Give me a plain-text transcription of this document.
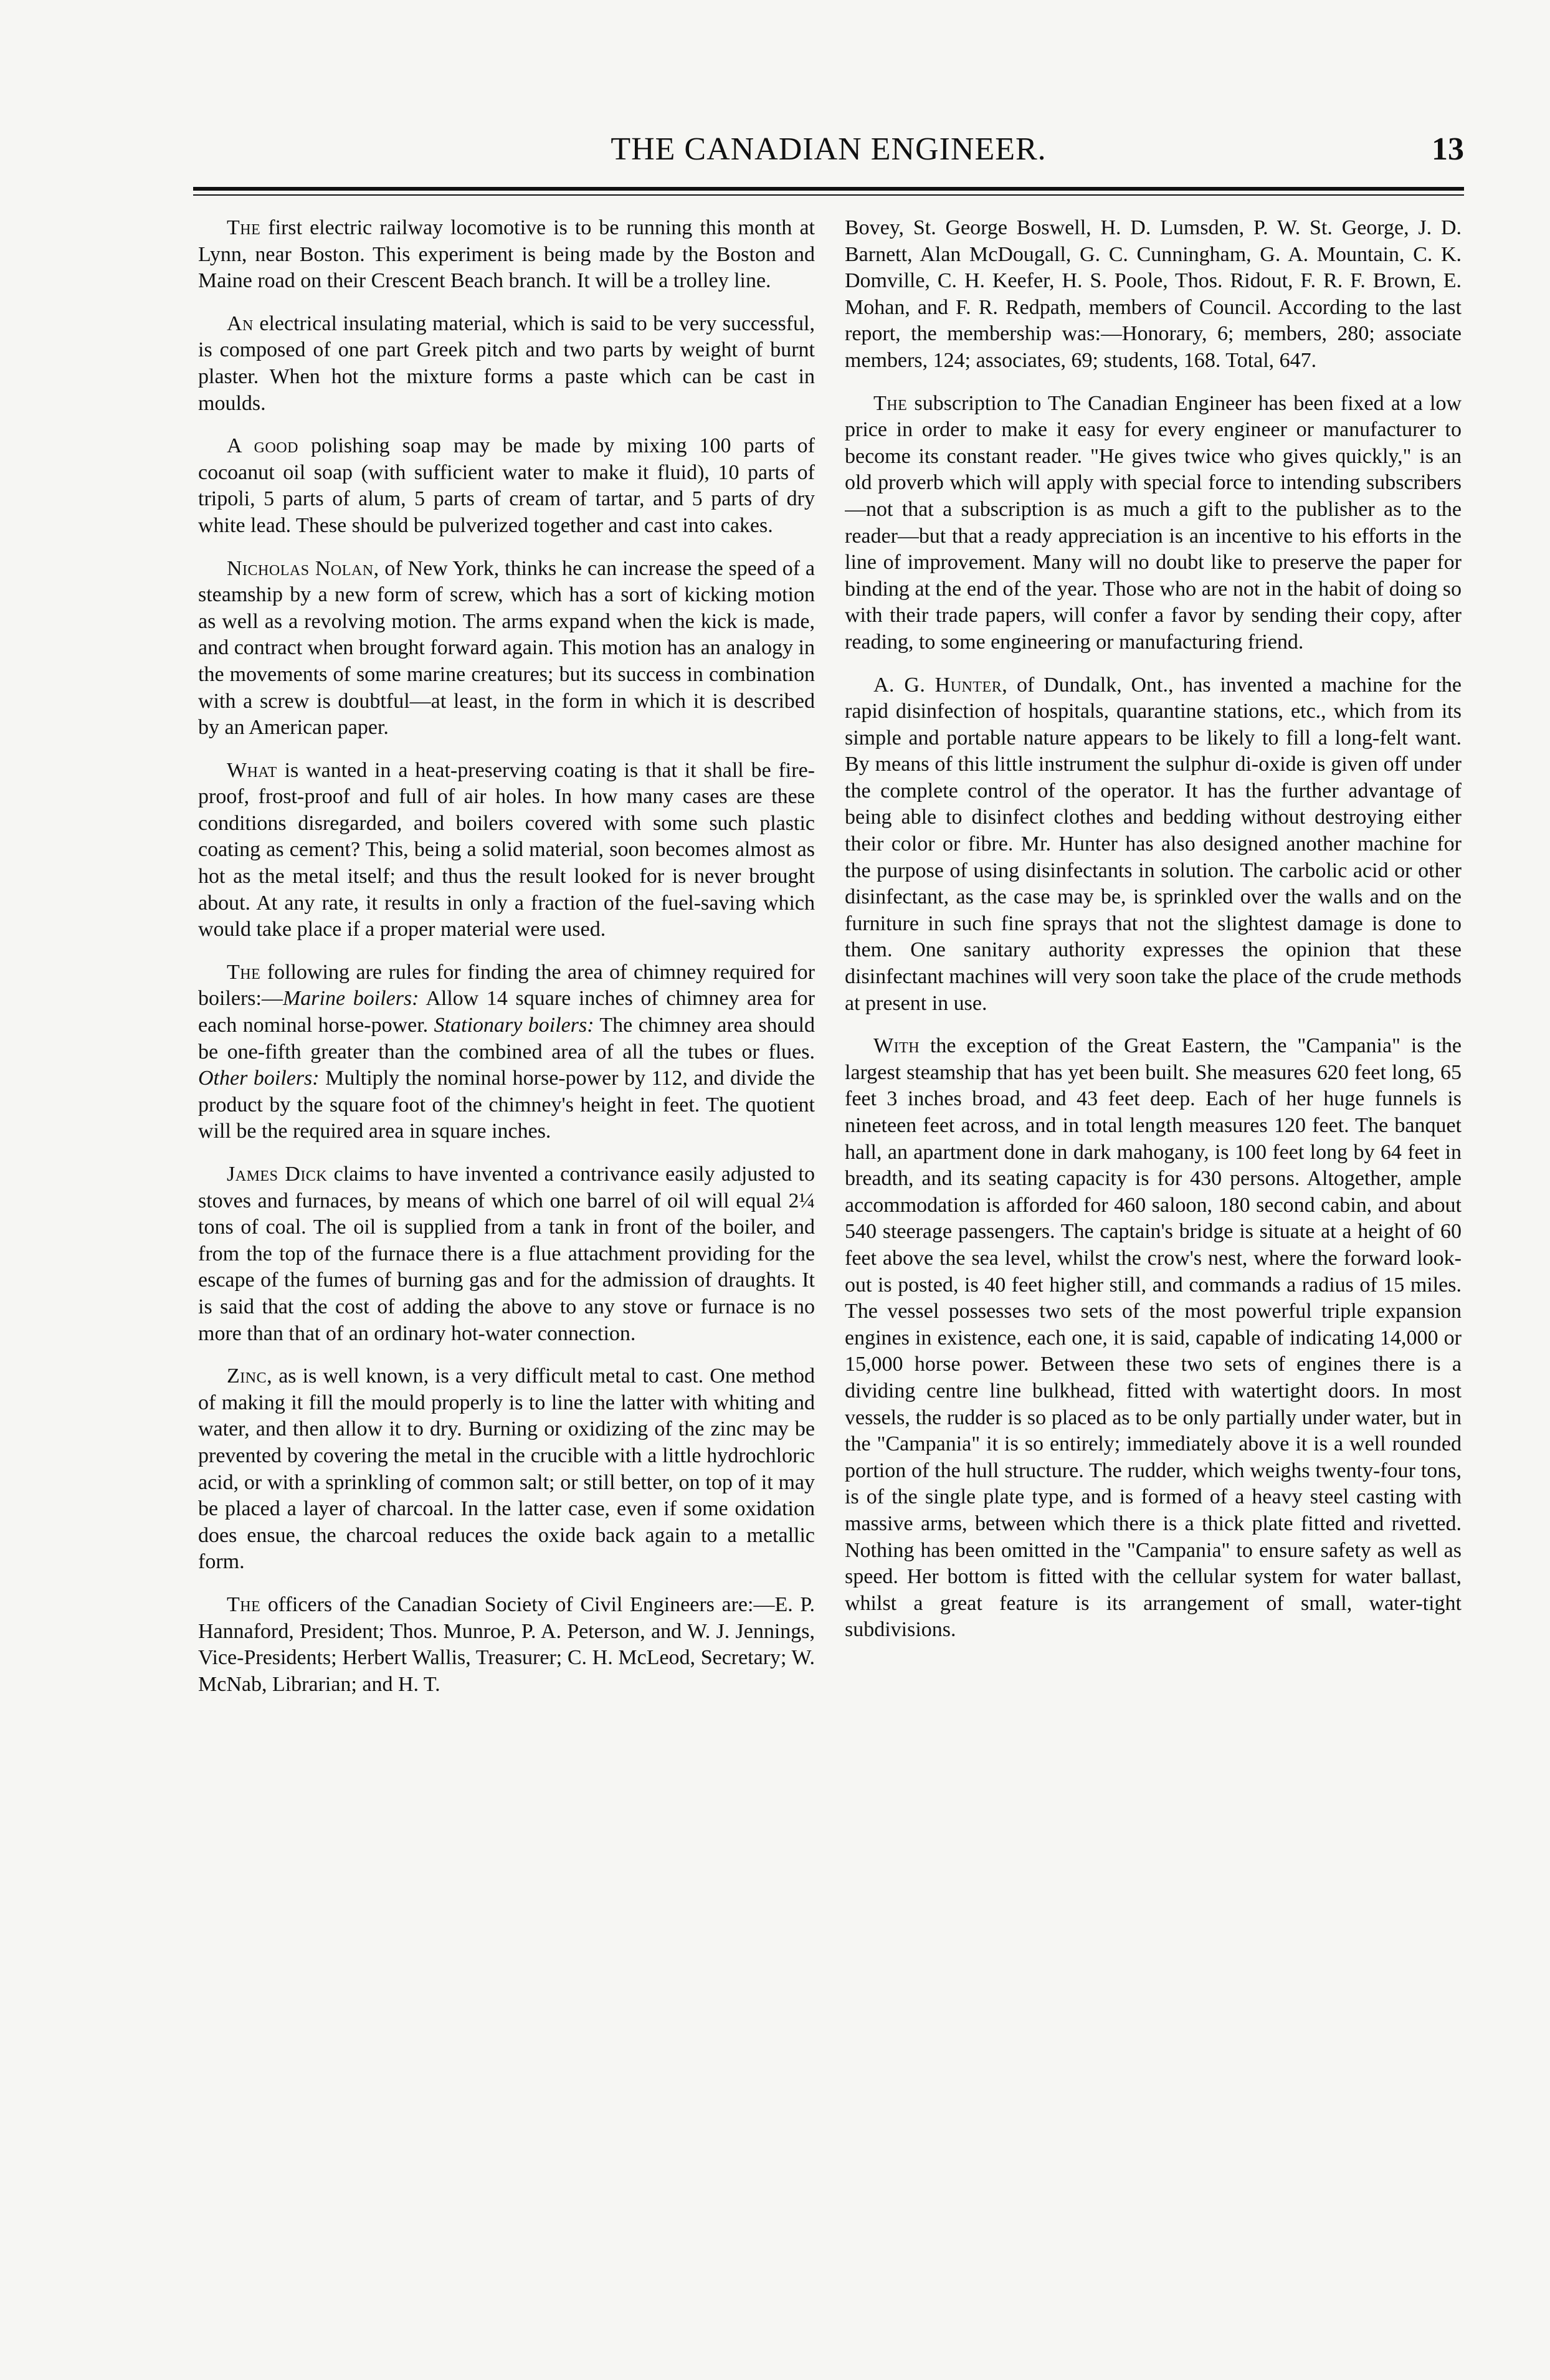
THE CANADIAN ENGINEER.	13

The first electric railway locomotive is to be running this month at Lynn, near Boston. This experiment is being made by the Boston and Maine road on their Crescent Beach branch. It will be a trolley line.

An electrical insulating material, which is said to be very successful, is composed of one part Greek pitch and two parts by weight of burnt plaster. When hot the mixture forms a paste which can be cast in moulds.

A good polishing soap may be made by mixing 100 parts of cocoanut oil soap (with sufficient water to make it fluid), 10 parts of tripoli, 5 parts of alum, 5 parts of cream of tartar, and 5 parts of dry white lead. These should be pulverized together and cast into cakes.

Nicholas Nolan, of New York, thinks he can increase the speed of a steamship by a new form of screw, which has a sort of kicking motion as well as a revolving motion. The arms expand when the kick is made, and contract when brought forward again. This motion has an analogy in the movements of some marine creatures; but its success in combination with a screw is doubtful—at least, in the form in which it is described by an American paper.

What is wanted in a heat-preserving coating is that it shall be fire-proof, frost-proof and full of air holes. In how many cases are these conditions disregarded, and boilers covered with some such plastic coating as cement? This, being a solid material, soon becomes almost as hot as the metal itself; and thus the result looked for is never brought about. At any rate, it results in only a fraction of the fuel-saving which would take place if a proper material were used.

The following are rules for finding the area of chimney required for boilers:—Marine boilers: Allow 14 square inches of chimney area for each nominal horse-power. Stationary boilers: The chimney area should be one-fifth greater than the combined area of all the tubes or flues. Other boilers: Multiply the nominal horse-power by 112, and divide the product by the square foot of the chimney's height in feet. The quotient will be the required area in square inches.

James Dick claims to have invented a contrivance easily adjusted to stoves and furnaces, by means of which one barrel of oil will equal 2¼ tons of coal. The oil is supplied from a tank in front of the boiler, and from the top of the furnace there is a flue attachment providing for the escape of the fumes of burning gas and for the admission of draughts. It is said that the cost of adding the above to any stove or furnace is no more than that of an ordinary hot-water connection.

Zinc, as is well known, is a very difficult metal to cast. One method of making it fill the mould properly is to line the latter with whiting and water, and then allow it to dry. Burning or oxidizing of the zinc may be prevented by covering the metal in the crucible with a little hydrochloric acid, or with a sprinkling of common salt; or still better, on top of it may be placed a layer of charcoal. In the latter case, even if some oxidation does ensue, the charcoal reduces the oxide back again to a metallic form.

The officers of the Canadian Society of Civil Engineers are:—E. P. Hannaford, President; Thos. Munroe, P. A. Peterson, and W. J. Jennings, Vice-Presidents; Herbert Wallis, Treasurer; C. H. McLeod, Secretary; W. McNab, Librarian; and H. T.

Bovey, St. George Boswell, H. D. Lumsden, P. W. St. George, J. D. Barnett, Alan McDougall, G. C. Cunningham, G. A. Mountain, C. K. Domville, C. H. Keefer, H. S. Poole, Thos. Ridout, F. R. F. Brown, E. Mohan, and F. R. Redpath, members of Council. According to the last report, the membership was:—Honorary, 6; members, 280; associate members, 124; associates, 69; students, 168. Total, 647.

The subscription to The Canadian Engineer has been fixed at a low price in order to make it easy for every engineer or manufacturer to become its constant reader. "He gives twice who gives quickly," is an old proverb which will apply with special force to intending subscribers—not that a subscription is as much a gift to the publisher as to the reader—but that a ready appreciation is an incentive to his efforts in the line of improvement. Many will no doubt like to preserve the paper for binding at the end of the year. Those who are not in the habit of doing so with their trade papers, will confer a favor by sending their copy, after reading, to some engineering or manufacturing friend.

A. G. Hunter, of Dundalk, Ont., has invented a machine for the rapid disinfection of hospitals, quarantine stations, etc., which from its simple and portable nature appears to be likely to fill a long-felt want. By means of this little instrument the sulphur di-oxide is given off under the complete control of the operator. It has the further advantage of being able to disinfect clothes and bedding without destroying either their color or fibre. Mr. Hunter has also designed another machine for the purpose of using disinfectants in solution. The carbolic acid or other disinfectant, as the case may be, is sprinkled over the walls and on the furniture in such fine sprays that not the slightest damage is done to them. One sanitary authority expresses the opinion that these disinfectant machines will very soon take the place of the crude methods at present in use.

With the exception of the Great Eastern, the "Campania" is the largest steamship that has yet been built. She measures 620 feet long, 65 feet 3 inches broad, and 43 feet deep. Each of her huge funnels is nineteen feet across, and in total length measures 120 feet. The banquet hall, an apartment done in dark mahogany, is 100 feet long by 64 feet in breadth, and its seating capacity is for 430 persons. Altogether, ample accommodation is afforded for 460 saloon, 180 second cabin, and about 540 steerage passengers. The captain's bridge is situate at a height of 60 feet above the sea level, whilst the crow's nest, where the forward look-out is posted, is 40 feet higher still, and commands a radius of 15 miles. The vessel possesses two sets of the most powerful triple expansion engines in existence, each one, it is said, capable of indicating 14,000 or 15,000 horse power. Between these two sets of engines there is a dividing centre line bulkhead, fitted with watertight doors. In most vessels, the rudder is so placed as to be only partially under water, but in the "Campania" it is so entirely; immediately above it is a well rounded portion of the hull structure. The rudder, which weighs twenty-four tons, is of the single plate type, and is formed of a heavy steel casting with massive arms, between which there is a thick plate fitted and rivetted. Nothing has been omitted in the "Campania" to ensure safety as well as speed. Her bottom is fitted with the cellular system for water ballast, whilst a great feature is its arrangement of small, water-tight subdivisions.
